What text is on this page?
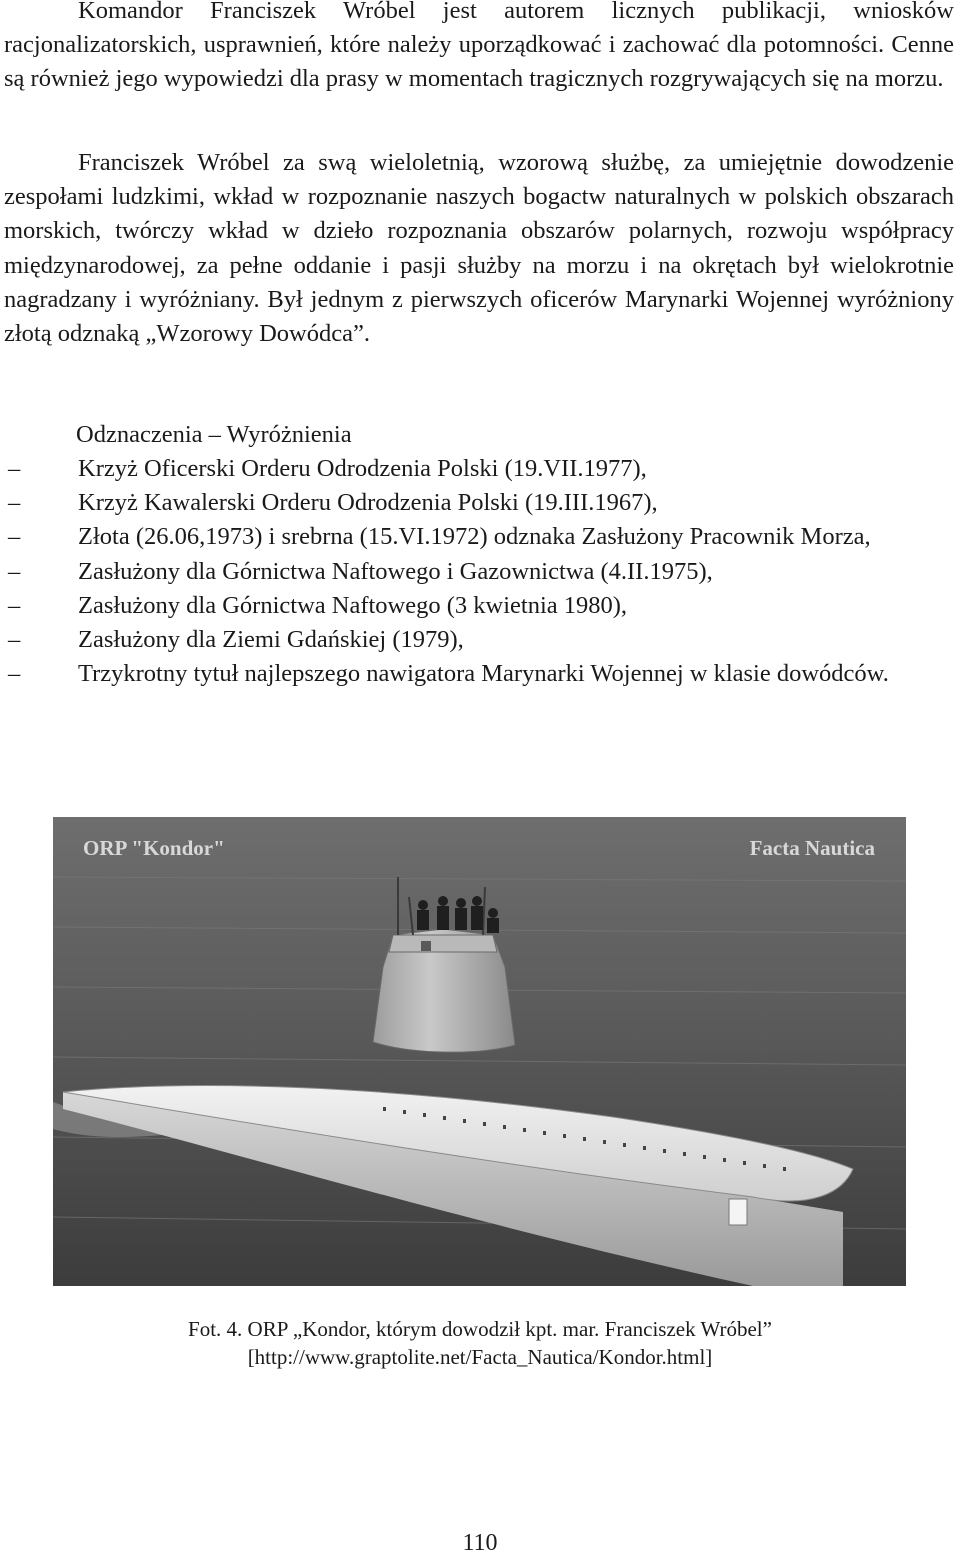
Komandor Franciszek Wróbel jest autorem licznych publikacji, wniosków racjonalizatorskich, usprawnień, które należy uporządkować i zachować dla potomności. Cenne są również jego wypowiedzi dla prasy w momentach tragicznych rozgrywających się na morzu.

Franciszek Wróbel za swą wieloletnią, wzorową służbę, za umiejętnie dowodzenie zespołami ludzkimi, wkład w rozpoznanie naszych bogactw naturalnych w polskich obszarach morskich, twórczy wkład w dzieło rozpoznania obszarów polarnych, rozwoju współpracy międzynarodowej, za pełne oddanie i pasji służby na morzu i na okrętach był wielokrotnie nagradzany i wyróżniany. Był jednym z pierwszych oficerów Marynarki Wojennej wyróżniony złotą odznaką „Wzorowy Dowódca”.

Odznaczenia – Wyróżnienia

–	Krzyż Oficerski Orderu Odrodzenia Polski (19.VII.1977),
–	Krzyż Kawalerski Orderu Odrodzenia Polski (19.III.1967),
–	Złota (26.06,1973) i srebrna (15.VI.1972) odznaka Zasłużony Pracownik Morza,
–	Zasłużony dla Górnictwa Naftowego i Gazownictwa (4.II.1975),
–	Zasłużony dla Górnictwa Naftowego (3 kwietnia 1980),
–	Zasłużony dla Ziemi Gdańskiej (1979),
–	Trzykrotny tytuł najlepszego nawigatora Marynarki Wojennej w klasie dowódców.
ORP "Kondor"	Facta Nautica

Fot. 4. ORP „Kondor, którym dowodził kpt. mar. Franciszek Wróbel”

[http://www.graptolite.net/Facta_Nautica/Kondor.html]

110
